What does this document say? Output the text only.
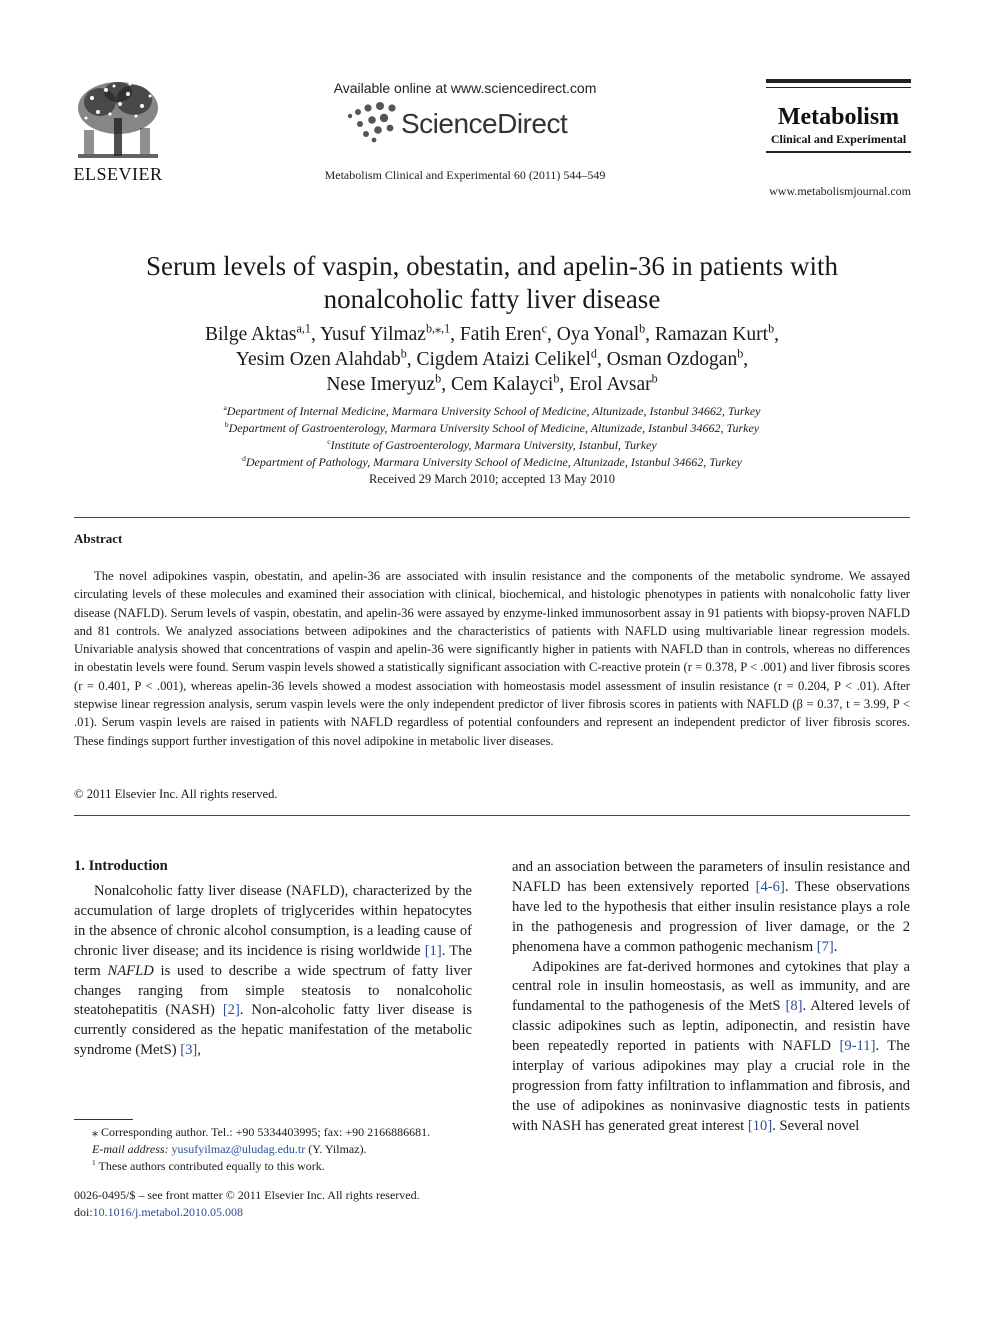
ELSEVIER
Available online at www.sciencedirect.com
ScienceDirect
Metabolism Clinical and Experimental 60 (2011) 544–549
Metabolism
Clinical and Experimental
www.metabolismjournal.com
Serum levels of vaspin, obestatin, and apelin-36 in patients with
nonalcoholic fatty liver disease
Bilge Aktas$^{a,1}$, Yusuf Yilmaz$^{b,⁎,1}$, Fatih Eren$^c$, Oya Yonal$^b$, Ramazan Kurt$^b$,
Yesim Ozen Alahdab$^b$, Cigdem Ataizi Celikel$^d$, Osman Ozdogan$^b$,
Nese Imeryuz$^b$, Cem Kalayci$^b$, Erol Avsar$^b$
$^a$Department of Internal Medicine, Marmara University School of Medicine, Altunizade, Istanbul 34662, Turkey
$^b$Department of Gastroenterology, Marmara University School of Medicine, Altunizade, Istanbul 34662, Turkey
$^c$Institute of Gastroenterology, Marmara University, Istanbul, Turkey
$^d$Department of Pathology, Marmara University School of Medicine, Altunizade, Istanbul 34662, Turkey
Received 29 March 2010; accepted 13 May 2010
Abstract
The novel adipokines vaspin, obestatin, and apelin-36 are associated with insulin resistance and the components of the metabolic syndrome. We assayed circulating levels of these molecules and examined their association with clinical, biochemical, and histologic phenotypes in patients with nonalcoholic fatty liver disease (NAFLD). Serum levels of vaspin, obestatin, and apelin-36 were assayed by enzyme-linked immunosorbent assay in 91 patients with biopsy-proven NAFLD and 81 controls. We analyzed associations between adipokines and the characteristics of patients with NAFLD using multivariable linear regression models. Univariable analysis showed that concentrations of vaspin and apelin-36 were significantly higher in patients with NAFLD than in controls, whereas no differences in obestatin levels were found. Serum vaspin levels showed a statistically significant association with C-reactive protein (r = 0.378, P < .001) and liver fibrosis scores (r = 0.401, P < .001), whereas apelin-36 levels showed a modest association with homeostasis model assessment of insulin resistance (r = 0.204, P < .01). After stepwise linear regression analysis, serum vaspin levels were the only independent predictor of liver fibrosis scores in patients with NAFLD (β = 0.37, t = 3.99, P < .01). Serum vaspin levels are raised in patients with NAFLD regardless of potential confounders and represent an independent predictor of liver fibrosis scores. These findings support further investigation of this novel adipokine in metabolic liver diseases.
© 2011 Elsevier Inc. All rights reserved.
1. Introduction

Nonalcoholic fatty liver disease (NAFLD), characterized by the accumulation of large droplets of triglycerides within hepatocytes in the absence of chronic alcohol consumption, is a leading cause of chronic liver disease; and its incidence is rising worldwide [1]. The term NAFLD is used to describe a wide spectrum of fatty liver changes ranging from simple steatosis to nonalcoholic steatohepatitis (NASH) [2]. Non-alcoholic fatty liver disease is currently considered as the hepatic manifestation of the metabolic syndrome (MetS) [3],

and an association between the parameters of insulin resistance and NAFLD has been extensively reported [4-6]. These observations have led to the hypothesis that either insulin resistance plays a role in the pathogenesis and progression of liver damage, or the 2 phenomena have a common pathogenic mechanism [7].

Adipokines are fat-derived hormones and cytokines that play a central role in insulin homeostasis, as well as immunity, and are fundamental to the pathogenesis of the MetS [8]. Altered levels of classic adipokines such as leptin, adiponectin, and resistin have been repeatedly reported in patients with NAFLD [9-11]. The interplay of various adipokines may play a crucial role in the progression from fatty infiltration to inflammation and fibrosis, and the use of adipokines as noninvasive diagnostic tests in patients with NASH has generated great interest [10]. Several novel

⁎ Corresponding author. Tel.: +90 5334403995; fax: +90 2166886681.
E-mail address: yusufyilmaz@uludag.edu.tr (Y. Yilmaz).
$^1$ These authors contributed equally to this work.
0026-0495/$ – see front matter © 2011 Elsevier Inc. All rights reserved.
doi:10.1016/j.metabol.2010.05.008
